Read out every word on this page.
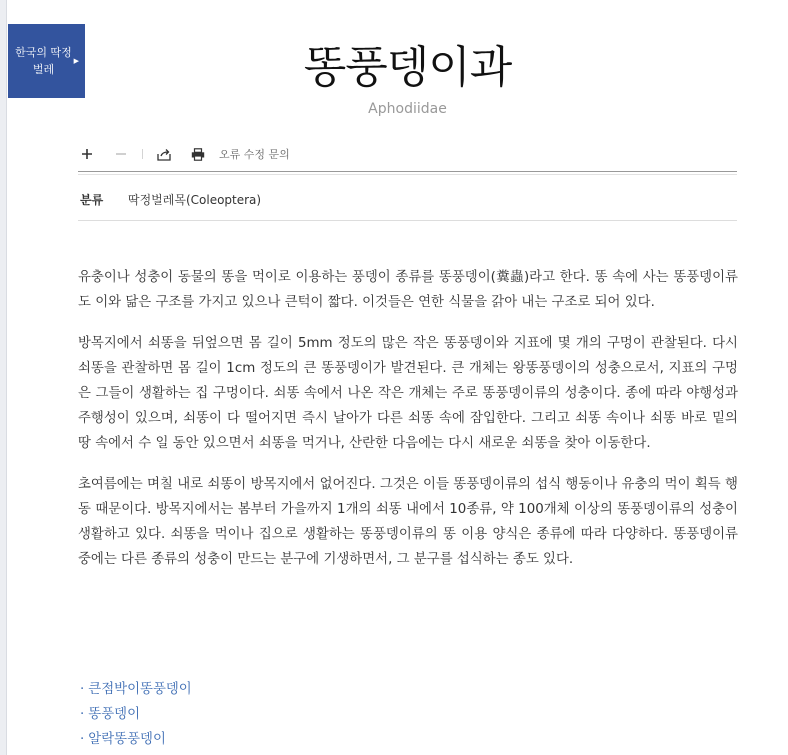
한국의 딱정
벌레
▶	똥풍뎅이과
Aphodiidae
오류 수정 문의
분류	딱정벌레목(Coleoptera)

유충이나 성충이 동물의 똥을 먹이로 이용하는 풍뎅이 종류를 똥풍뎅이(糞蟲)라고 한다. 똥 속에 사는 똥풍뎅이류도 이와 닮은 구조를 가지고 있으나 큰턱이 짧다. 이것들은 연한 식물을 갉아 내는 구조로 되어 있다.

방목지에서 쇠똥을 뒤엎으면 몸 길이 5mm 정도의 많은 작은 똥풍뎅이와 지표에 몇 개의 구멍이 관찰된다. 다시 쇠똥을 관찰하면 몸 길이 1cm 정도의 큰 똥풍뎅이가 발견된다. 큰 개체는 왕똥풍뎅이의 성충으로서, 지표의 구멍은 그들이 생활하는 집 구멍이다. 쇠똥 속에서 나온 작은 개체는 주로 똥풍뎅이류의 성충이다. 종에 따라 야행성과 주행성이 있으며, 쇠똥이 다 떨어지면 즉시 날아가 다른 쇠똥 속에 잠입한다. 그리고 쇠똥 속이나 쇠똥 바로 밑의 땅 속에서 수 일 동안 있으면서 쇠똥을 먹거나, 산란한 다음에는 다시 새로운 쇠똥을 찾아 이동한다.

초여름에는 며칠 내로 쇠똥이 방목지에서 없어진다. 그것은 이들 똥풍뎅이류의 섭식 행동이나 유충의 먹이 획득 행동 때문이다. 방목지에서는 봄부터 가을까지 1개의 쇠똥 내에서 10종류, 약 100개체 이상의 똥풍뎅이류의 성충이 생활하고 있다. 쇠똥을 먹이나 집으로 생활하는 똥풍뎅이류의 똥 이용 양식은 종류에 따라 다양하다. 똥풍뎅이류 중에는 다른 종류의 성충이 만드는 분구에 기생하면서, 그 분구를 섭식하는 종도 있다.

· 큰점박이똥풍뎅이
· 똥풍뎅이
· 알락똥풍뎅이
